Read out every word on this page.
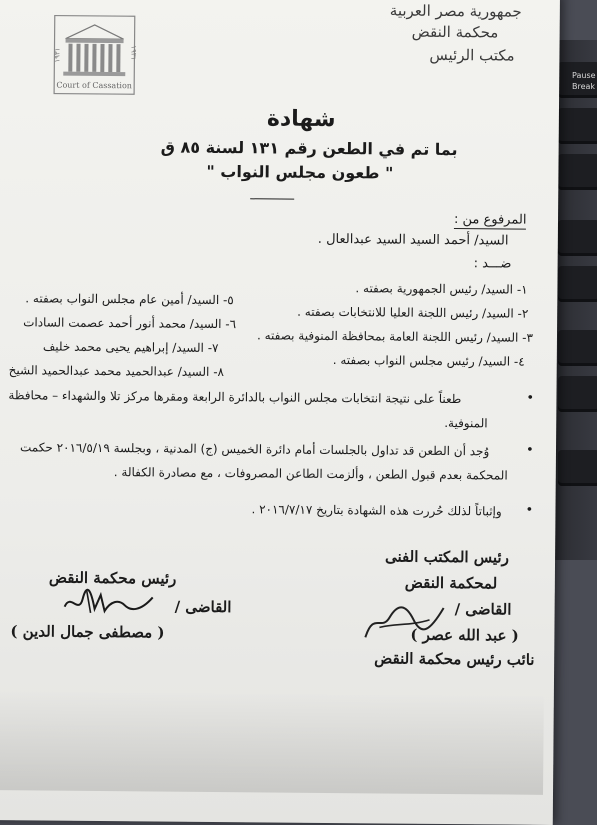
Pause
Break
جمهورية مصر العربية
محكمة النقض
مكتب الرئيس
١٩٣١	١٩٣١
Court of Cassation
شهادة
بما تم في الطعن رقم ١٣١ لسنة ٨٥ ق
" طعون مجلس النواب "
المرفوع من :
السيد/ أحمد السيد السيد عبدالعال .
ضـــد :
١- السيد/ رئيس الجمهورية بصفته .
٢- السيد/ رئيس اللجنة العليا للانتخابات بصفته .
٣- السيد/ رئيس اللجنة العامة بمحافظة المنوفية بصفته .
٤- السيد/ رئيس مجلس النواب بصفته .
٥- السيد/ أمين عام مجلس النواب بصفته .
٦- السيد/ محمد أنور أحمد عصمت السادات
٧- السيد/ إبراهيم يحيى محمد خليف
٨- السيد/ عبدالحميد محمد عبدالحميد الشيخ
•
طعناً على نتيجة انتخابات مجلس النواب بالدائرة الرابعة ومقرها مركز تلا والشهداء – محافظة
المنوفية.
•
وُجد أن الطعن قد تداول بالجلسات أمام دائرة الخميس (ج) المدنية ، وبجلسة ٢٠١٦/٥/١٩ حكمت
المحكمة بعدم قبول الطعن ، وألزمت الطاعن المصروفات ، مع مصادرة الكفالة .
•
وإثباتاً لذلك حُررت هذه الشهادة بتاريخ ٢٠١٦/٧/١٧ .
رئيس المكتب الفنى
لمحكمة النقض
القاضى /
( عبد الله عصر )
نائب رئيس محكمة النقض
رئيس محكمة النقض
القاضى /
( مصطفى جمال الدين )
